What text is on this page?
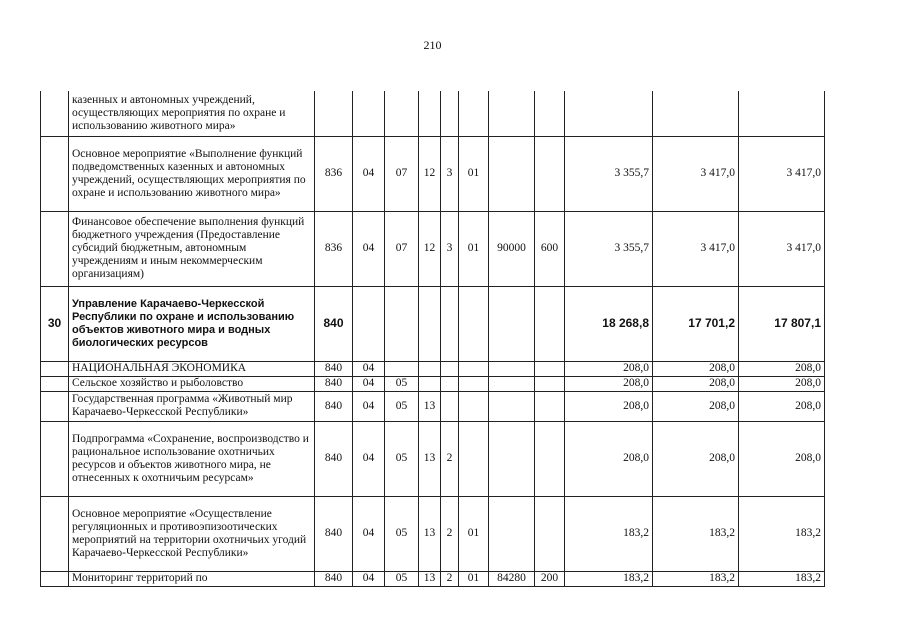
210
	казенных и автономных учреждений, осуществляющих мероприятия по охране и использованию животного мира»											
	Основное мероприятие «Выполнение функций подведомственных казенных и автономных учреждений, осуществляющих мероприятия по охране и использованию животного мира»	836	04	07	12	3	01			3 355,7	3 417,0	3 417,0
	Финансовое обеспечение выполнения функций бюджетного учреждения (Предоставление субсидий бюджетным, автономным учреждениям и иным некоммерческим организациям)	836	04	07	12	3	01	90000	600	3 355,7	3 417,0	3 417,0
30	Управление Карачаево-Черкесской Республики по охране и использованию объектов животного мира и водных биологических ресурсов	840								18 268,8	17 701,2	17 807,1
	НАЦИОНАЛЬНАЯ ЭКОНОМИКА	840	04							208,0	208,0	208,0
	Сельское хозяйство и рыболовство	840	04	05						208,0	208,0	208,0
	Государственная программа «Животный мир Карачаево-Черкесской Республики»	840	04	05	13					208,0	208,0	208,0
	Подпрограмма «Сохранение, воспроизводство и рациональное использование охотничьих ресурсов и объектов животного мира, не отнесенных к охотничьим ресурсам»	840	04	05	13	2				208,0	208,0	208,0
	Основное мероприятие «Осуществление регуляционных и противоэпизоотических мероприятий на территории охотничьих угодий Карачаево-Черкесской Республики»	840	04	05	13	2	01			183,2	183,2	183,2
	Мониторинг территорий по	840	04	05	13	2	01	84280	200	183,2	183,2	183,2
